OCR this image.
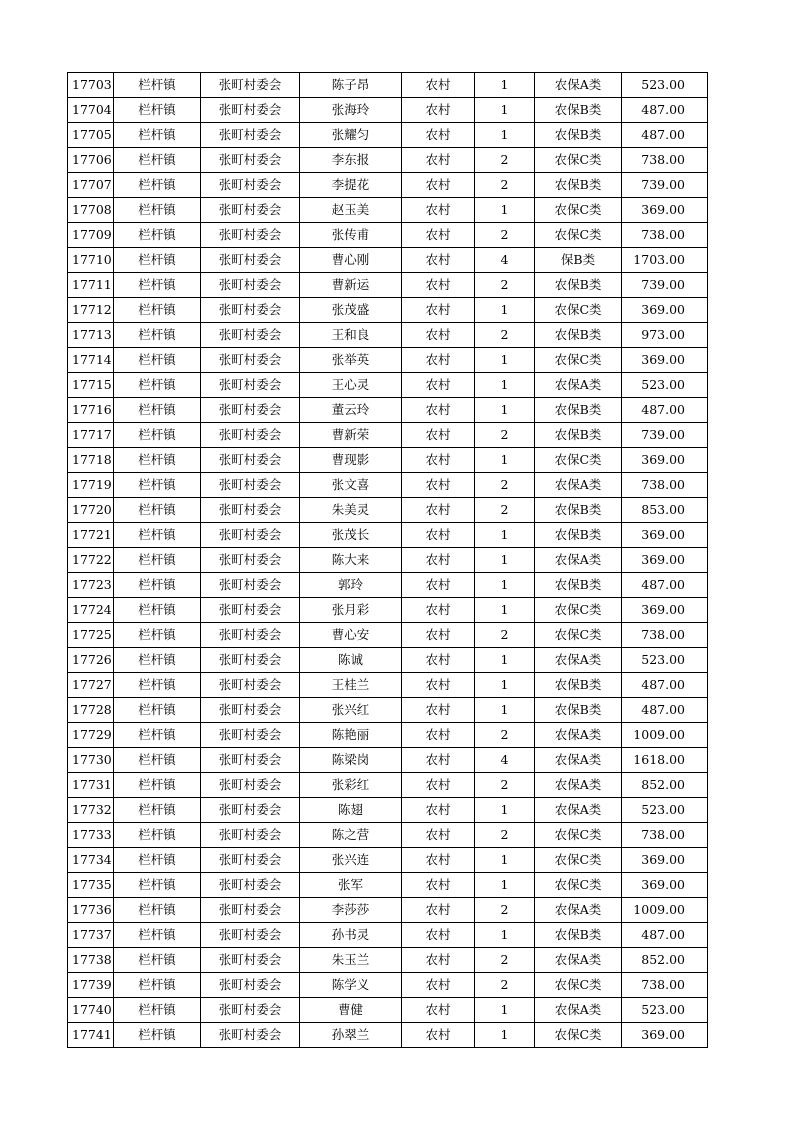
17703	栏杆镇	张町村委会	陈子昂	农村	1	农保A类	523.00
17704	栏杆镇	张町村委会	张海玲	农村	1	农保B类	487.00
17705	栏杆镇	张町村委会	张耀匀	农村	1	农保B类	487.00
17706	栏杆镇	张町村委会	李东报	农村	2	农保C类	738.00
17707	栏杆镇	张町村委会	李提花	农村	2	农保B类	739.00
17708	栏杆镇	张町村委会	赵玉美	农村	1	农保C类	369.00
17709	栏杆镇	张町村委会	张传甫	农村	2	农保C类	738.00
17710	栏杆镇	张町村委会	曹心刚	农村	4	保B类	1703.00
17711	栏杆镇	张町村委会	曹新运	农村	2	农保B类	739.00
17712	栏杆镇	张町村委会	张茂盛	农村	1	农保C类	369.00
17713	栏杆镇	张町村委会	王和良	农村	2	农保B类	973.00
17714	栏杆镇	张町村委会	张举英	农村	1	农保C类	369.00
17715	栏杆镇	张町村委会	王心灵	农村	1	农保A类	523.00
17716	栏杆镇	张町村委会	董云玲	农村	1	农保B类	487.00
17717	栏杆镇	张町村委会	曹新荣	农村	2	农保B类	739.00
17718	栏杆镇	张町村委会	曹现影	农村	1	农保C类	369.00
17719	栏杆镇	张町村委会	张文喜	农村	2	农保A类	738.00
17720	栏杆镇	张町村委会	朱美灵	农村	2	农保B类	853.00
17721	栏杆镇	张町村委会	张茂长	农村	1	农保B类	369.00
17722	栏杆镇	张町村委会	陈大来	农村	1	农保A类	369.00
17723	栏杆镇	张町村委会	郭玲	农村	1	农保B类	487.00
17724	栏杆镇	张町村委会	张月彩	农村	1	农保C类	369.00
17725	栏杆镇	张町村委会	曹心安	农村	2	农保C类	738.00
17726	栏杆镇	张町村委会	陈诚	农村	1	农保A类	523.00
17727	栏杆镇	张町村委会	王桂兰	农村	1	农保B类	487.00
17728	栏杆镇	张町村委会	张兴红	农村	1	农保B类	487.00
17729	栏杆镇	张町村委会	陈艳丽	农村	2	农保A类	1009.00
17730	栏杆镇	张町村委会	陈梁岗	农村	4	农保A类	1618.00
17731	栏杆镇	张町村委会	张彩红	农村	2	农保A类	852.00
17732	栏杆镇	张町村委会	陈翅	农村	1	农保A类	523.00
17733	栏杆镇	张町村委会	陈之营	农村	2	农保C类	738.00
17734	栏杆镇	张町村委会	张兴连	农村	1	农保C类	369.00
17735	栏杆镇	张町村委会	张军	农村	1	农保C类	369.00
17736	栏杆镇	张町村委会	李莎莎	农村	2	农保A类	1009.00
17737	栏杆镇	张町村委会	孙书灵	农村	1	农保B类	487.00
17738	栏杆镇	张町村委会	朱玉兰	农村	2	农保A类	852.00
17739	栏杆镇	张町村委会	陈学义	农村	2	农保C类	738.00
17740	栏杆镇	张町村委会	曹健	农村	1	农保A类	523.00
17741	栏杆镇	张町村委会	孙翠兰	农村	1	农保C类	369.00
